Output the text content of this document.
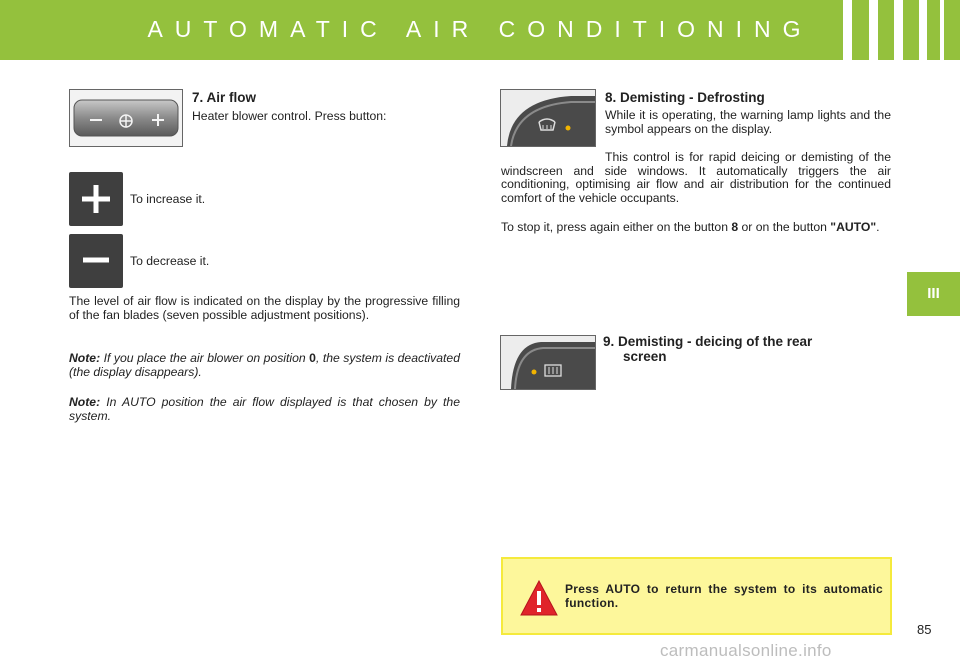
AUTOMATIC AIR CONDITIONING
III
7. Air flow
Heater blower control. Press button:
To increase it.
To decrease it.
The level of air flow is indicated on the display by the progressive filling of the fan blades (seven possible adjustment positions).
Note: If you place the air blower on position 0, the system is deactivated (the display disappears).
Note: In AUTO position the air flow displayed is that chosen by the system.
8. Demisting - Defrosting
While it is operating, the warning lamp lights and the symbol appears on the display.
This control is for rapid deicing or demisting of the windscreen and side windows. It automatically triggers the air conditioning, optimising air flow and air distribution for the continued comfort of the vehicle occupants.
To stop it, press again either on the button 8 or on the button "AUTO".
9. Demisting - deicing of the rear
screen
Press AUTO to return the system to its automatic function.
85
carmanualsonline.info
